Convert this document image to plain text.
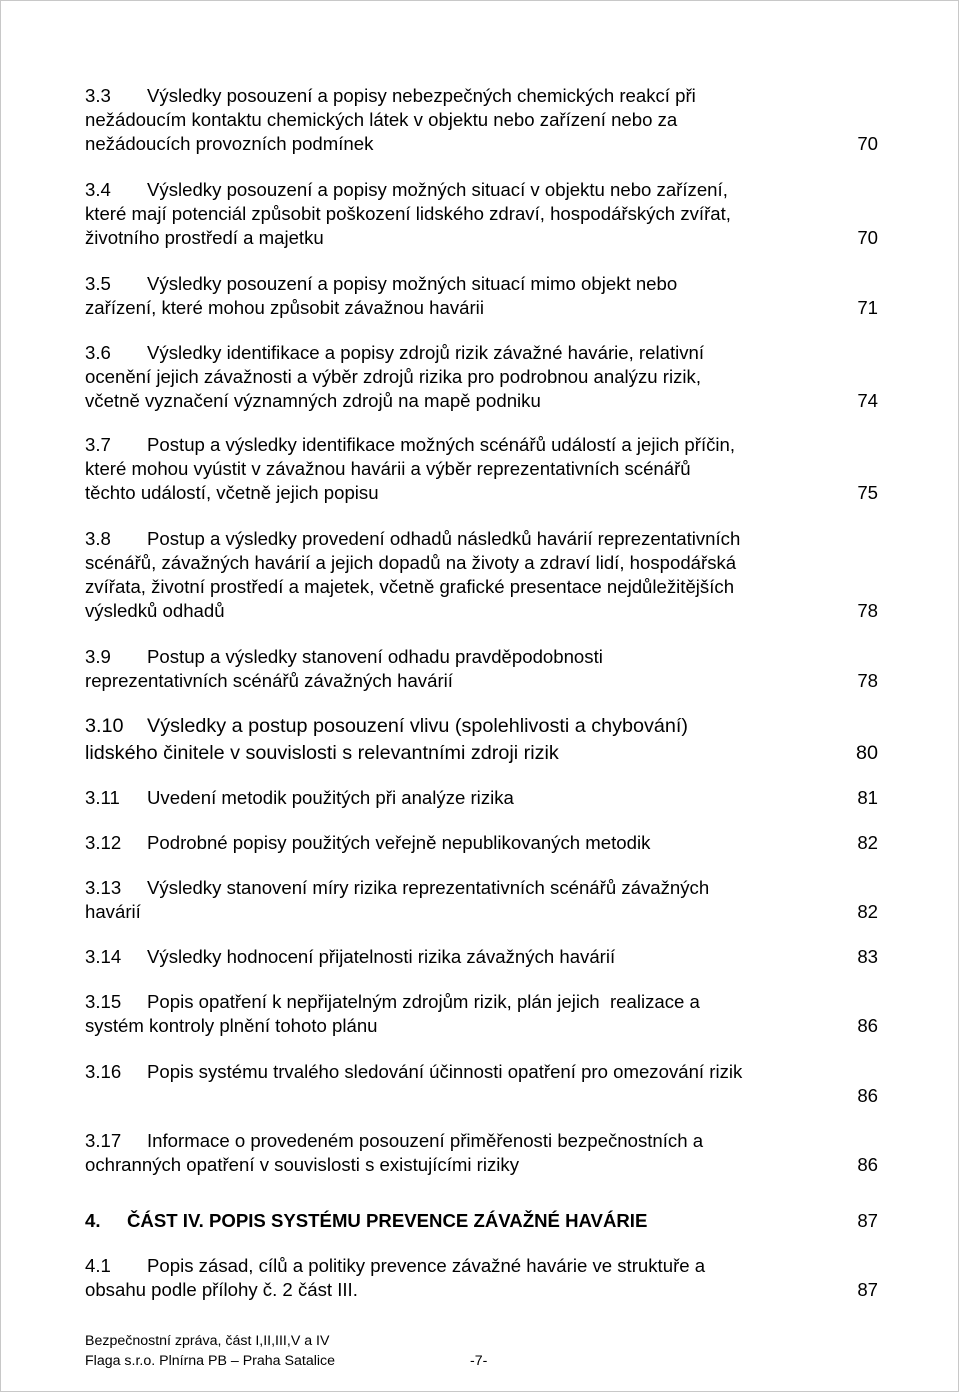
3.3 Výsledky posouzení a popisy nebezpečných chemických reakcí při
nežádoucím kontaktu chemických látek v objektu nebo zařízení nebo za
nežádoucích provozních podmínek	70
3.4 Výsledky posouzení a popisy možných situací v objektu nebo zařízení,
které mají potenciál způsobit poškození lidského zdraví, hospodářských zvířat,
životního prostředí a majetku	70
3.5 Výsledky posouzení a popisy možných situací mimo objekt nebo
zařízení, které mohou způsobit závažnou havárii	71
3.6 Výsledky identifikace a popisy zdrojů rizik závažné havárie, relativní
ocenění jejich závažnosti a výběr zdrojů rizika pro podrobnou analýzu rizik,
včetně vyznačení významných zdrojů na mapě podniku	74
3.7 Postup a výsledky identifikace možných scénářů událostí a jejich příčin,
které mohou vyústit v závažnou havárii a výběr reprezentativních scénářů
těchto událostí, včetně jejich popisu	75
3.8 Postup a výsledky provedení odhadů následků havárií reprezentativních
scénářů, závažných havárií a jejich dopadů na životy a zdraví lidí, hospodářská
zvířata, životní prostředí a majetek, včetně grafické presentace nejdůležitějších
výsledků odhadů	78
3.9 Postup a výsledky stanovení odhadu pravděpodobnosti
reprezentativních scénářů závažných havárií	78
3.10 Výsledky a postup posouzení vlivu (spolehlivosti a chybování)
lidského činitele v souvislosti s relevantními zdroji rizik	80
3.11 Uvedení metodik použitých při analýze rizika	81
3.12 Podrobné popisy použitých veřejně nepublikovaných metodik	82
3.13 Výsledky stanovení míry rizika reprezentativních scénářů závažných
havárií	82
3.14 Výsledky hodnocení přijatelnosti rizika závažných havárií	83
3.15 Popis opatření k nepřijatelným zdrojům rizik, plán jejich  realizace a
systém kontroly plnění tohoto plánu	86
3.16 Popis systému trvalého sledování účinnosti opatření pro omezování rizik
86
3.17 Informace o provedeném posouzení přiměřenosti bezpečnostních a
ochranných opatření v souvislosti s existujícími riziky	86
4. ČÁST IV. POPIS SYSTÉMU PREVENCE ZÁVAŽNÉ HAVÁRIE	87
4.1 Popis zásad, cílů a politiky prevence závažné havárie ve struktuře a
obsahu podle přílohy č. 2 část III.	87
Bezpečnostní zpráva, část I,II,III,V a IV
Flaga s.r.o. Plnírna PB – Praha Satalice	-7-
